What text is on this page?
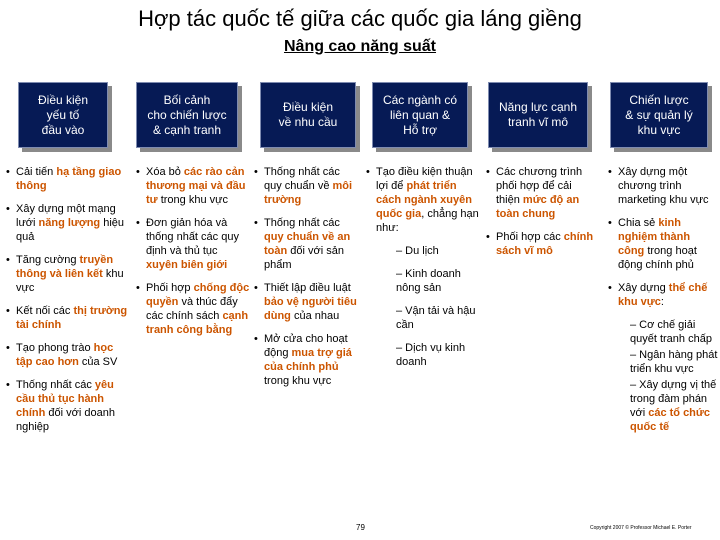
Hợp tác quốc tế giữa các quốc gia láng giềng
Nâng cao năng suất
Điều kiện
yếu tố
đầu vào
Bối cảnh
cho chiến lược
& cạnh tranh
Điều kiện
về nhu cầu
Các ngành có
liên quan &
Hỗ trợ
Năng lực cạnh
tranh vĩ mô
Chiến lược
& sự quản lý
khu vực
• Cải tiến hạ tầng giao thông
• Xây dựng một mạng lưới năng lượng hiệu quả
• Tăng cường truyền thông và liên kết khu vực
• Kết nối các thị trường tài chính
• Tạo phong trào học tập cao hơn của SV
• Thống nhất các yêu cầu thủ tục hành chính đối với doanh nghiệp
• Xóa bỏ các rào cản thương mại và đầu tư trong khu vực
• Đơn giản hóa và thống nhất các quy định và thủ tục xuyên biên giới
• Phối hợp chống độc quyền và thúc đẩy các chính sách cạnh tranh công bằng
• Thống nhất các quy chuẩn về môi trường
• Thống nhất các quy chuẩn về an toàn đối với sản phẩm
• Thiết lập điều luật bảo vệ người tiêu dùng của nhau
• Mở cửa cho hoạt động mua trợ giá của chính phủ trong khu vực
• Tạo điều kiện thuận lợi để phát triển cách ngành xuyên quốc gia, chẳng hạn như:
– Du lịch
– Kinh doanh nông sản
– Vận tải và hậu cần
– Dịch vụ kinh doanh
• Các chương trình phối hợp để cải thiện mức độ an toàn chung
• Phối hợp các chính sách vĩ mô
• Xây dựng một chương trình marketing khu vực
• Chia sẻ kinh nghiệm thành công trong hoạt động chính phủ
• Xây dựng thể chế khu vực:
– Cơ chế giải quyết tranh chấp
– Ngân hàng phát triển khu vực
– Xây dựng vị thế trong đàm phán với các tổ chức quốc tế
79	Copyright 2007 © Professor Michael E. Porter
